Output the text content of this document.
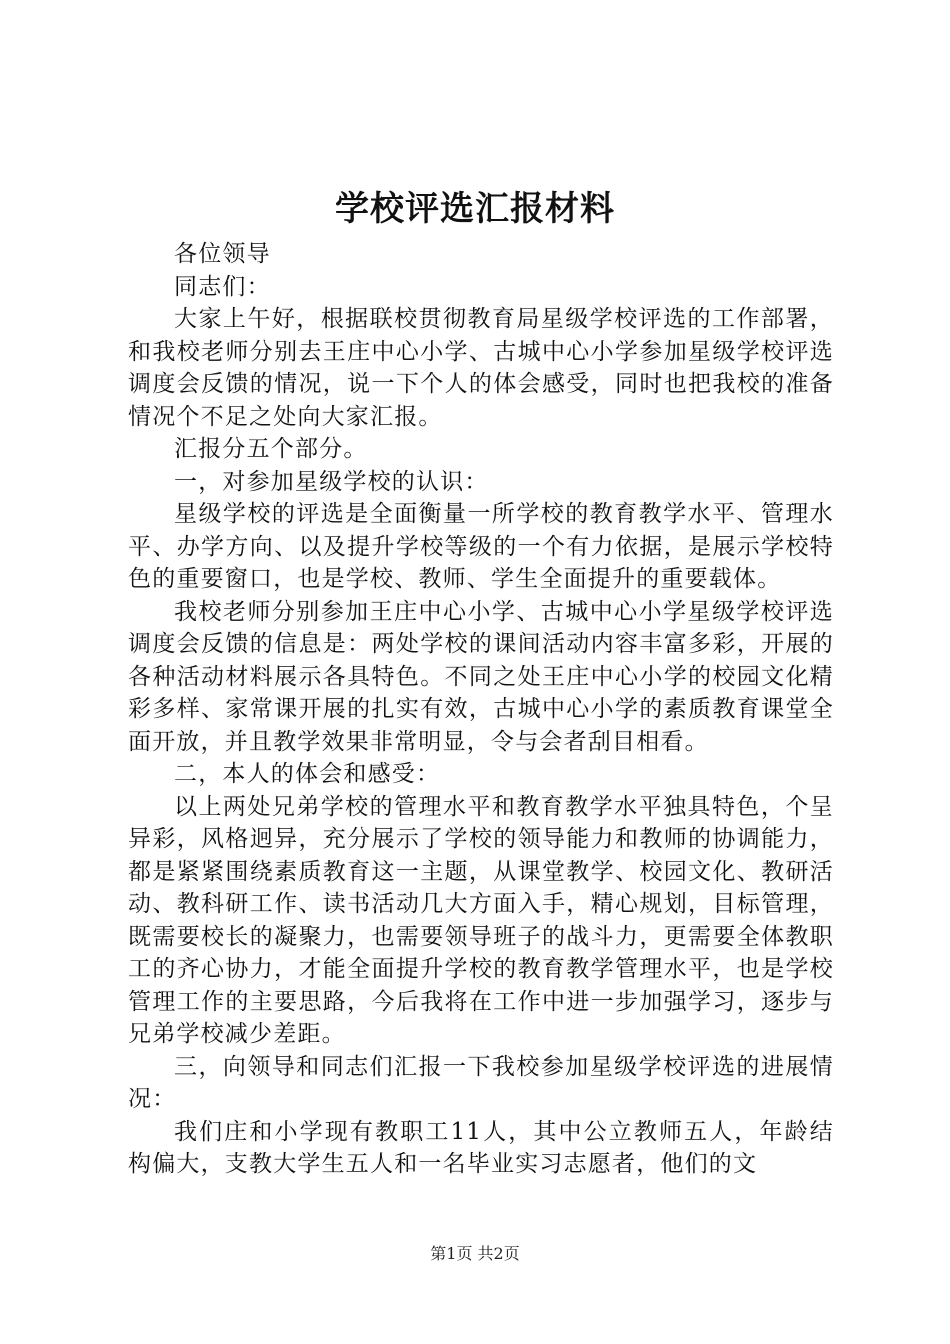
学校评选汇报材料

各位领导

同志们：

大家上午好，根据联校贯彻教育局星级学校评选的工作部署，和我校老师分别去王庄中心小学、古城中心小学参加星级学校评选调度会反馈的情况，说一下个人的体会感受，同时也把我校的准备情况个不足之处向大家汇报。

汇报分五个部分。

一，对参加星级学校的认识：

星级学校的评选是全面衡量一所学校的教育教学水平、管理水平、办学方向、以及提升学校等级的一个有力依据，是展示学校特色的重要窗口，也是学校、教师、学生全面提升的重要载体。

我校老师分别参加王庄中心小学、古城中心小学星级学校评选调度会反馈的信息是：两处学校的课间活动内容丰富多彩，开展的各种活动材料展示各具特色。不同之处王庄中心小学的校园文化精彩多样、家常课开展的扎实有效，古城中心小学的素质教育课堂全面开放，并且教学效果非常明显，令与会者刮目相看。

二，本人的体会和感受：

以上两处兄弟学校的管理水平和教育教学水平独具特色，个呈异彩，风格迥异，充分展示了学校的领导能力和教师的协调能力，都是紧紧围绕素质教育这一主题，从课堂教学、校园文化、教研活动、教科研工作、读书活动几大方面入手，精心规划，目标管理，既需要校长的凝聚力，也需要领导班子的战斗力，更需要全体教职工的齐心协力，才能全面提升学校的教育教学管理水平，也是学校管理工作的主要思路，今后我将在工作中进一步加强学习，逐步与兄弟学校减少差距。

三，向领导和同志们汇报一下我校参加星级学校评选的进展情况：

我们庄和小学现有教职工11人，其中公立教师五人，年龄结构偏大，支教大学生五人和一名毕业实习志愿者，他们的文

第1页 共2页
